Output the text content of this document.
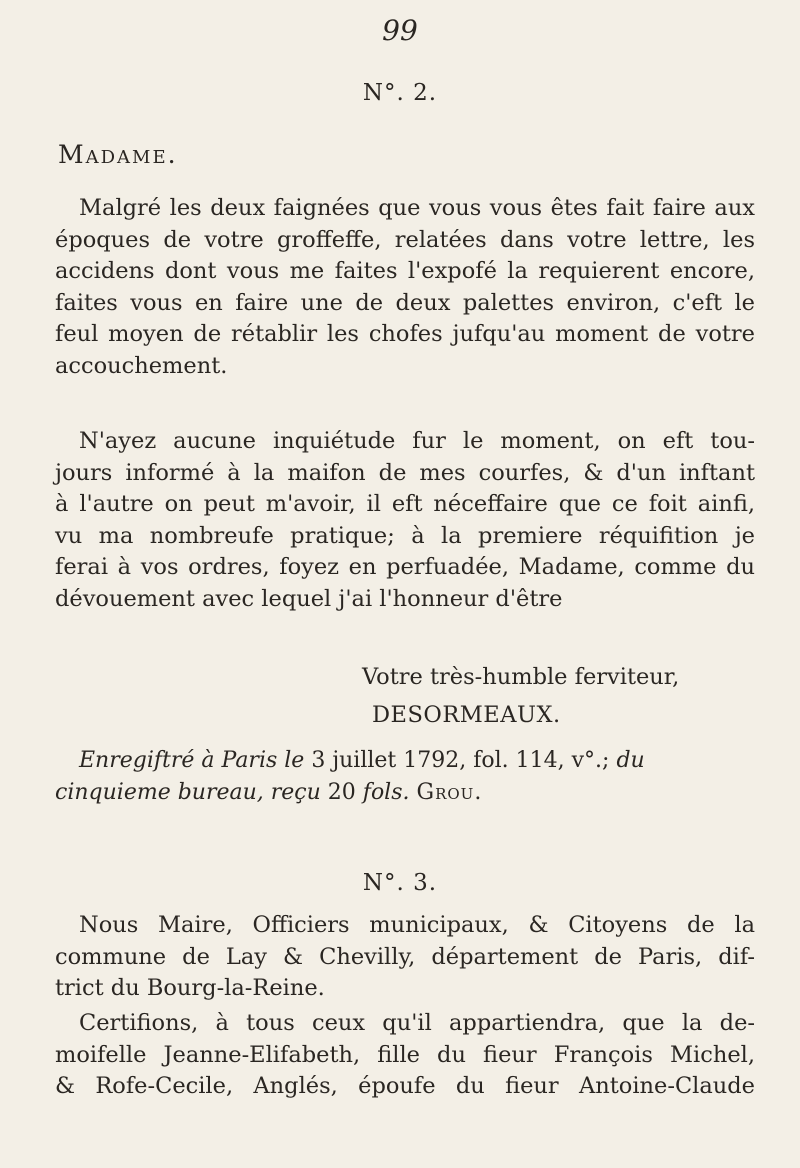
99
N°. 2.
Madame.

Malgré les deux faignées que vous vous êtes fait faire aux
époques de votre groffeffe, relatées dans votre lettre, les
accidens dont vous me faites l'expofé la requierent encore,
faites vous en faire une de deux palettes environ, c'eft le
feul moyen de rétablir les chofes jufqu'au moment de votre
accouchement.

N'ayez aucune inquiétude fur le moment, on eft tou-
jours informé à la maifon de mes courfes, & d'un inftant
à l'autre on peut m'avoir, il eft néceffaire que ce foit ainfi,
vu ma nombreufe pratique; à la premiere réquifition je
ferai à vos ordres, foyez en perfuadée, Madame, comme du
dévouement avec lequel j'ai l'honneur d'être

Votre très-humble ferviteur,
DESORMEAUX.
Enregiftré à Paris le 3 juillet 1792, fol. 114, v°.; du
cinquieme bureau, reçu 20 fols. Grou.
N°. 3.

Nous Maire, Officiers municipaux, & Citoyens de la
commune de Lay & Chevilly, département de Paris, dif-
trict du Bourg-la-Reine.

Certifions, à tous ceux qu'il appartiendra, que la de-
moifelle Jeanne-Elifabeth, fille du fieur François Michel,
& Rofe-Cecile, Anglés, époufe du fieur Antoine-Claude
